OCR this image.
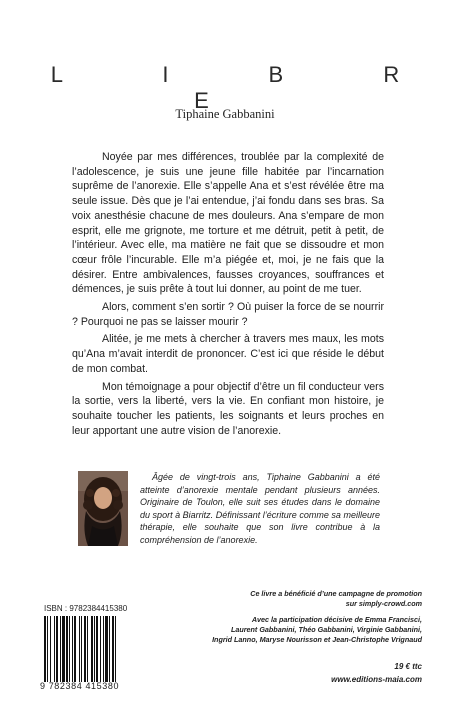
L I B R E
Tiphaine Gabbanini

Noyée par mes différences, troublée par la complexité de l’adolescence, je suis une jeune fille habitée par l’incarnation suprême de l’anorexie. Elle s’appelle Ana et s’est révélée être ma seule issue. Dès que je l’ai entendue, j’ai fondu dans ses bras. Sa voix anesthésie chacune de mes douleurs. Ana s’empare de mon esprit, elle me grignote, me torture et me détruit, petit à petit, de l’intérieur. Avec elle, ma matière ne fait que se dissoudre et mon cœur frôle l’incurable. Elle m’a piégée et, moi, je ne fais que la désirer. Entre ambivalences, fausses croyances, souffrances et démences, je suis prête à tout lui donner, au point de me tuer.

Alors, comment s’en sortir ? Où puiser la force de se nourrir ? Pourquoi ne pas se laisser mourir ?

Alitée, je me mets à chercher à travers mes maux, les mots qu’Ana m’avait interdit de prononcer. C’est ici que réside le début de mon combat.

Mon témoignage a pour objectif d’être un fil conducteur vers la sortie, vers la liberté, vers la vie. En confiant mon histoire, je souhaite toucher les patients, les soignants et leurs proches en leur apportant une autre vision de l’anorexie.

Âgée de vingt-trois ans, Tiphaine Gabbanini a été atteinte d’anorexie mentale pendant plusieurs années. Originaire de Toulon, elle suit ses études dans le domaine du sport à Biarritz. Définissant l’écriture comme sa meilleure thérapie, elle souhaite que son livre contribue à la compréhension de l’anorexie.

Ce livre a bénéficié d’une campagne de promotion
sur simply-crowd.com
Avec la participation décisive de Emma Francisci,
Laurent Gabbanini, Théo Gabbanini, Virginie Gabbanini,
Ingrid Lanno, Maryse Nourisson et Jean-Christophe Vrignaud
19 € ttc
www.editions-maia.com
ISBN : 9782384415380
9 782384 415380
